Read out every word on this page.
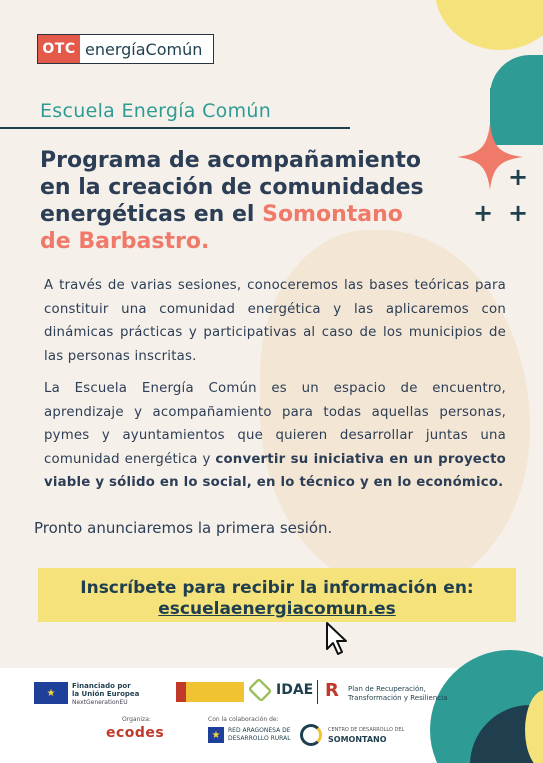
+
+ +
OTC energíaComún
Escuela Energía Común
Programa de acompañamiento
en la creación de comunidades
energéticas en el Somontano
de Barbastro.
A través de varias sesiones, conoceremos las bases teóricas para constituir una comunidad energética y las aplicaremos con dinámicas prácticas y participativas al caso de los municipios de las personas inscritas.
La Escuela Energía Común es un espacio de encuentro, aprendizaje y acompañamiento para todas aquellas personas, pymes y ayuntamientos que quieren desarrollar juntas una comunidad energética y convertir su iniciativa en un proyecto viable y sólido en lo social, en lo técnico y en lo económico.
Pronto anunciaremos la primera sesión.
Inscríbete para recibir la información en:
escuelaenergiacomun.es
★
Financiado por
la Unión Europea
NextGenerationEU
IDAE R Plan de Recuperación,
Transformación y Resiliencia	eC
Organiza:
ecodes
Con la colaboración de:
★	RED ARAGONESA DE
DESARROLLO RURAL
CENTRO DE DESARROLLO DEL
SOMONTANO
